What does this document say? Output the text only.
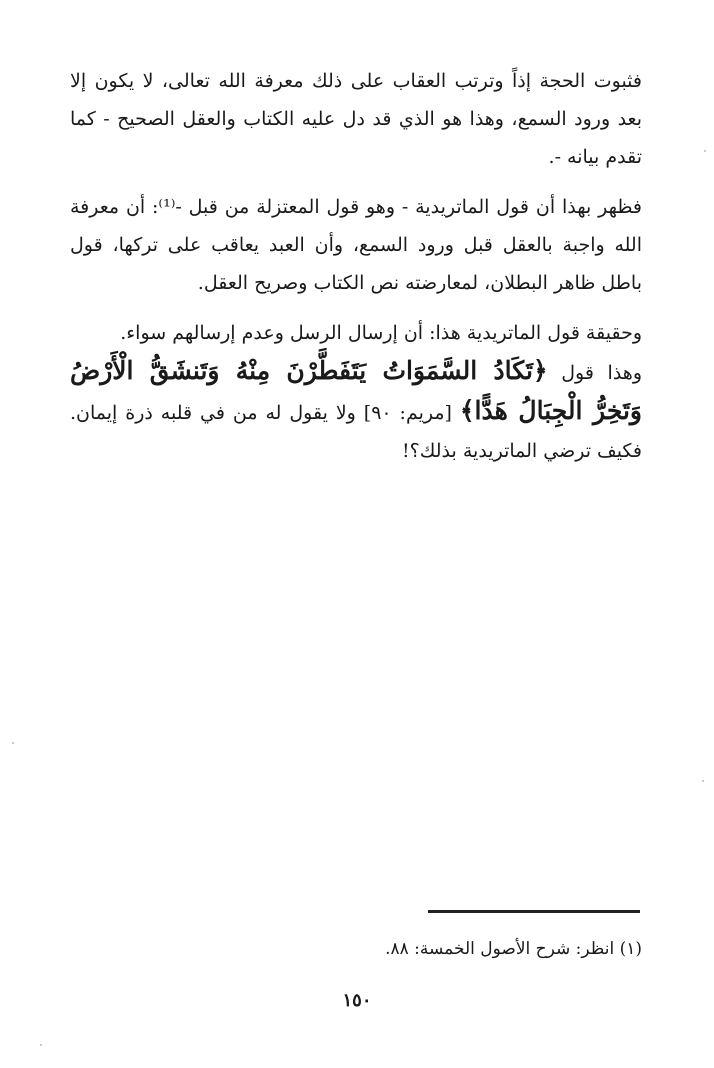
فثبوت الحجة إذاً وترتب العقاب على ذلك معرفة الله تعالى، لا يكون إلا بعد ورود السمع، وهذا هو الذي قد دل عليه الكتاب والعقل الصحيح - كما تقدم بيانه -.

فظهر بهذا أن قول الماتريدية - وهو قول المعتزلة من قبل -⁽¹⁾: أن معرفة الله واجبة بالعقل قبل ورود السمع، وأن العبد يعاقب على تركها، قول باطل ظاهر البطلان، لمعارضته نص الكتاب وصريح العقل.

وحقيقة قول الماتريدية هذا: أن إرسال الرسل وعدم إرسالهم سواء.

وهذا قول ﴿تَكَادُ السَّمَوَاتُ يَتَفَطَّرْنَ مِنْهُ وَتَنشَقُّ الْأَرْضُ وَتَخِرُّ الْجِبَالُ هَدًّا﴾ [مريم: ٩٠] ولا يقول له من في قلبه ذرة إيمان. فكيف ترضي الماتريدية بذلك؟!

(١) انظر: شرح الأصول الخمسة: ٨٨.
١٥٠
